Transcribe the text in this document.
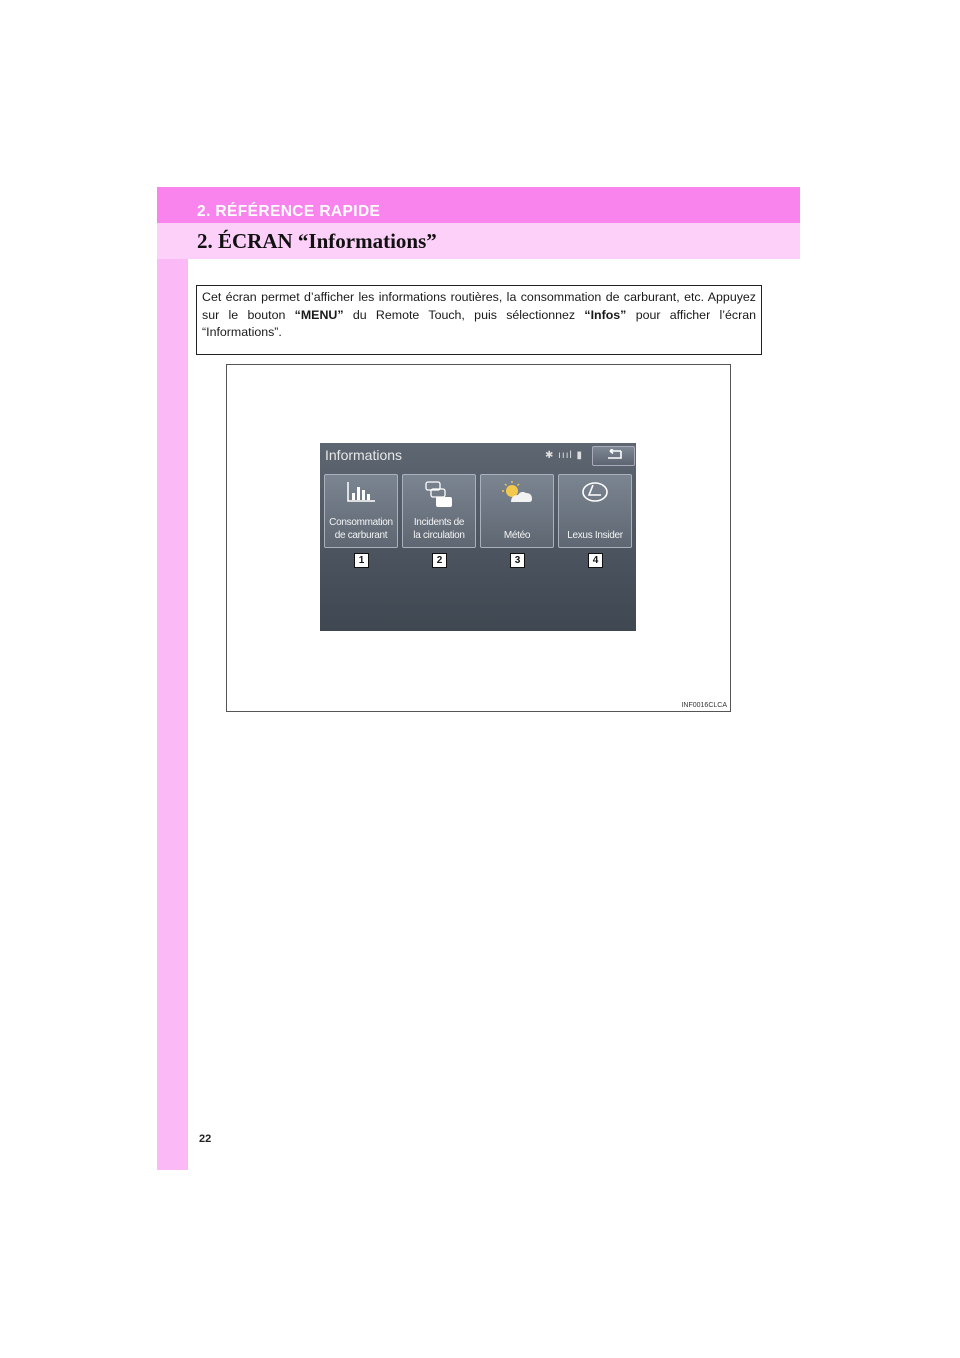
2. RÉFÉRENCE RAPIDE
2. ÉCRAN “Informations”
Cet écran permet d’afficher les informations routières, la consommation de carburant, etc. Appuyez sur le bouton “MENU” du Remote Touch, puis sélectionnez “Infos” pour afficher l’écran “Informations”.
Informations	✱ ıııl ▮
Consommation
de carburant
Incidents de
la circulation	Météo	Lexus Insider
1	2	3	4
INF0016CLCA
22
